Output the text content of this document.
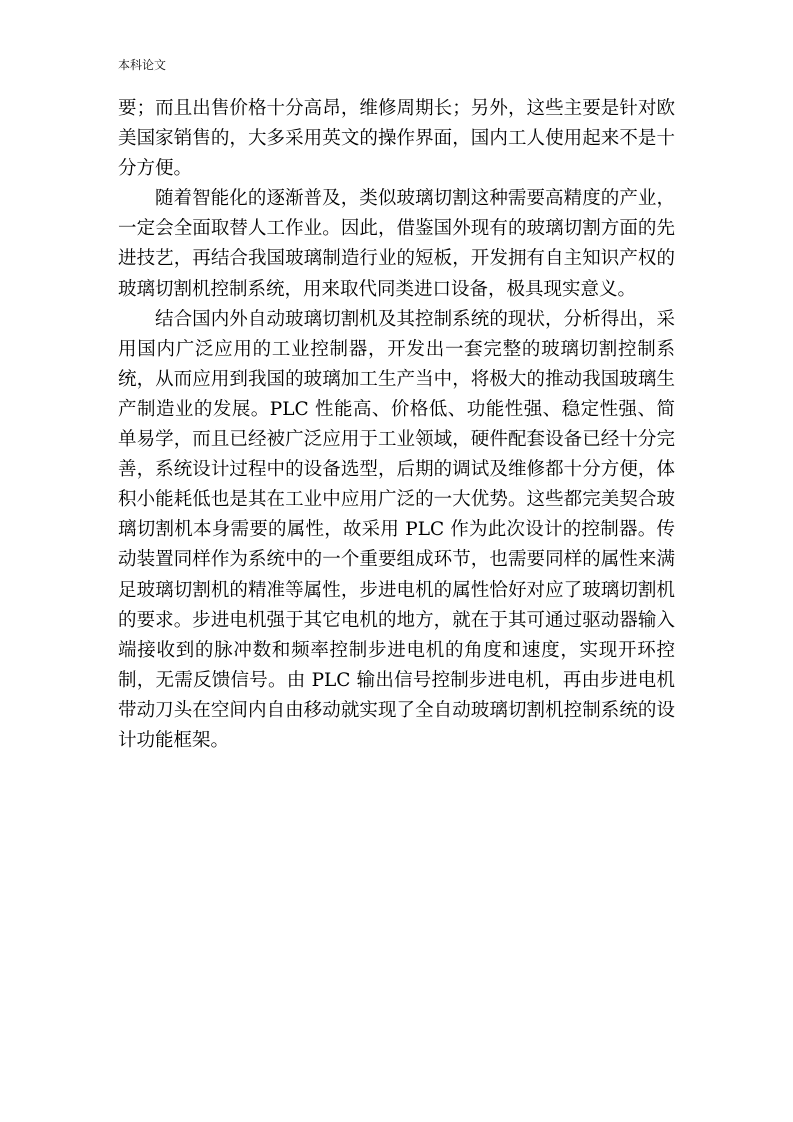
本科论文

要；而且出售价格十分高昂，维修周期长；另外，这些主要是针对欧美国家销售的，大多采用英文的操作界面，国内工人使用起来不是十分方便。

随着智能化的逐渐普及，类似玻璃切割这种需要高精度的产业，一定会全面取替人工作业。因此，借鉴国外现有的玻璃切割方面的先进技艺，再结合我国玻璃制造行业的短板，开发拥有自主知识产权的玻璃切割机控制系统，用来取代同类进口设备，极具现实意义。

结合国内外自动玻璃切割机及其控制系统的现状，分析得出，采用国内广泛应用的工业控制器，开发出一套完整的玻璃切割控制系统，从而应用到我国的玻璃加工生产当中，将极大的推动我国玻璃生产制造业的发展。PLC 性能高、价格低、功能性强、稳定性强、简单易学，而且已经被广泛应用于工业领域，硬件配套设备已经十分完善，系统设计过程中的设备选型，后期的调试及维修都十分方便，体积小能耗低也是其在工业中应用广泛的一大优势。这些都完美契合玻璃切割机本身需要的属性，故采用 PLC 作为此次设计的控制器。传动装置同样作为系统中的一个重要组成环节，也需要同样的属性来满足玻璃切割机的精准等属性，步进电机的属性恰好对应了玻璃切割机的要求。步进电机强于其它电机的地方，就在于其可通过驱动器输入端接收到的脉冲数和频率控制步进电机的角度和速度，实现开环控制，无需反馈信号。由 PLC 输出信号控制步进电机，再由步进电机带动刀头在空间内自由移动就实现了全自动玻璃切割机控制系统的设计功能框架。
